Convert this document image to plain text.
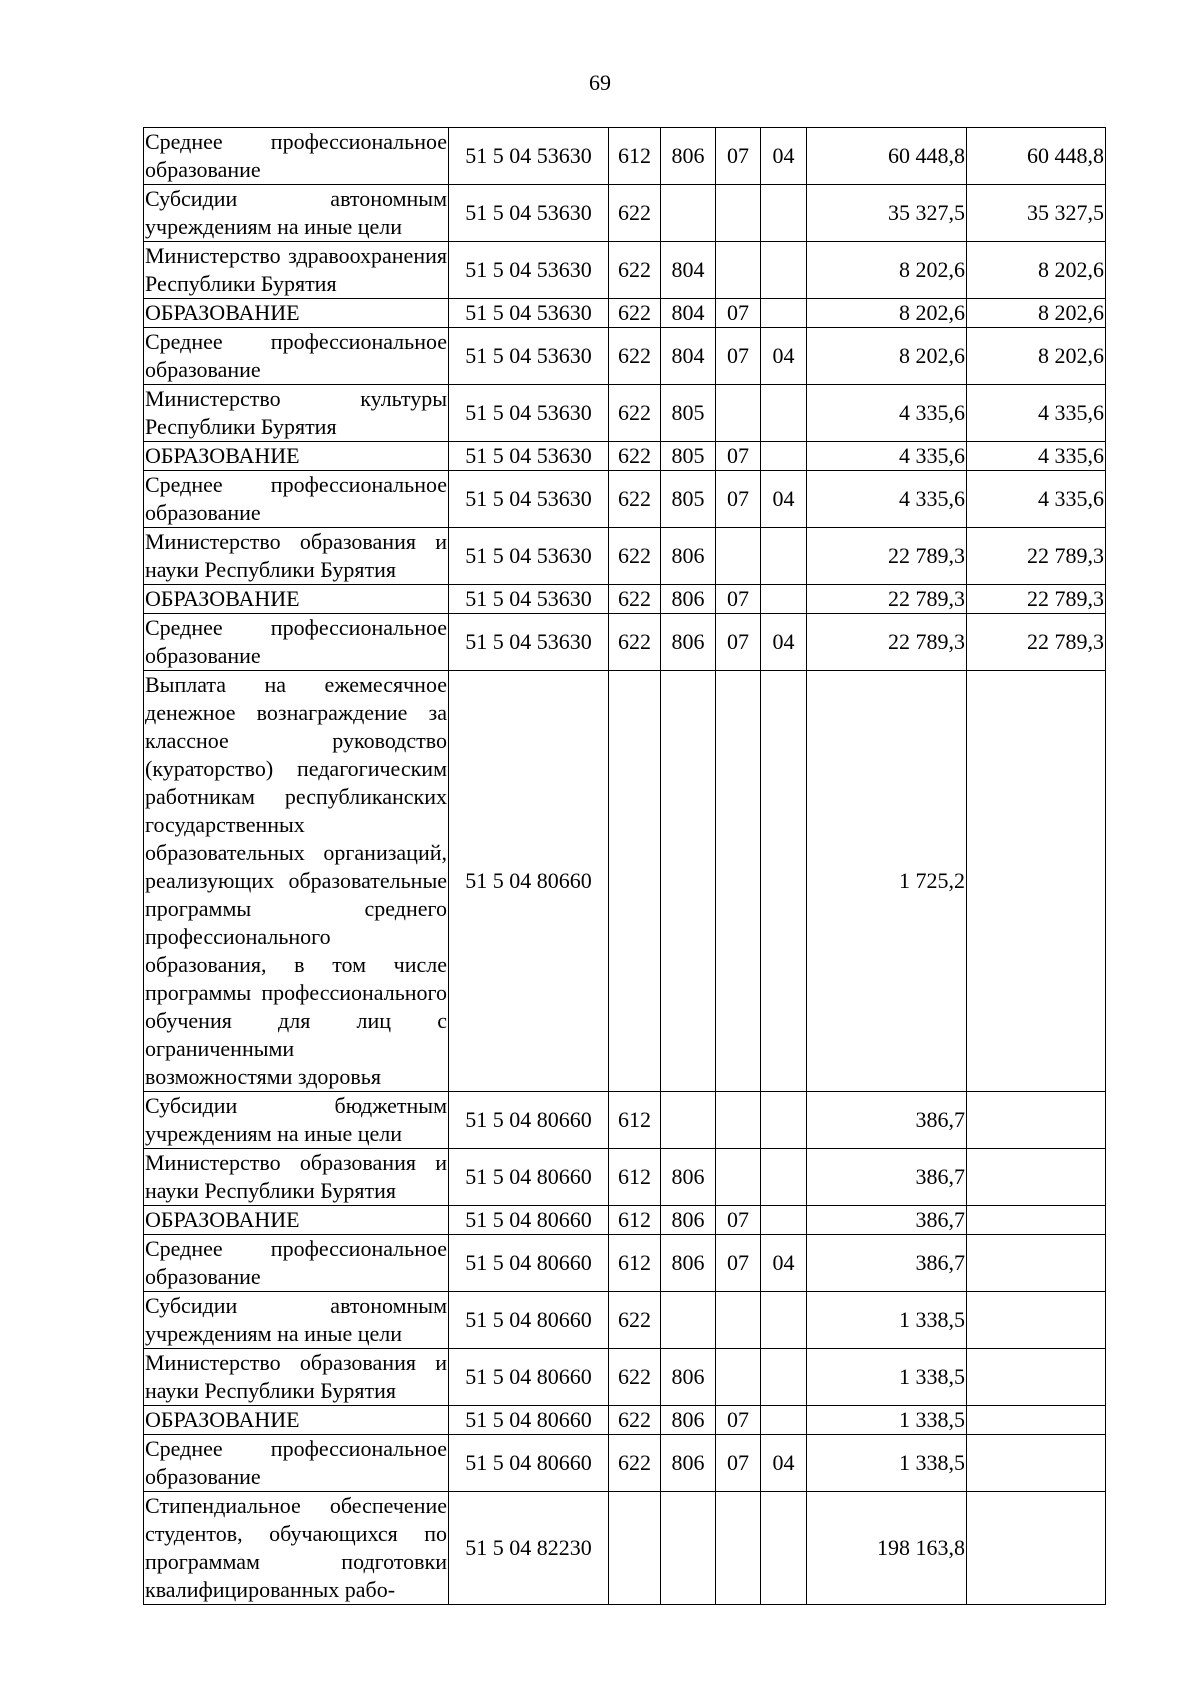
69
Среднее профессиональное образование	51 5 04 53630	612	806	07	04	60 448,8	60 448,8
Субсидии автономным учреждениям на иные цели	51 5 04 53630	622				35 327,5	35 327,5
Министерство здравоохранения Республики Бурятия	51 5 04 53630	622	804			8 202,6	8 202,6
ОБРАЗОВАНИЕ	51 5 04 53630	622	804	07		8 202,6	8 202,6
Среднее профессиональное образование	51 5 04 53630	622	804	07	04	8 202,6	8 202,6
Министерство культуры Республики Бурятия	51 5 04 53630	622	805			4 335,6	4 335,6
ОБРАЗОВАНИЕ	51 5 04 53630	622	805	07		4 335,6	4 335,6
Среднее профессиональное образование	51 5 04 53630	622	805	07	04	4 335,6	4 335,6
Министерство образования и науки Республики Бурятия	51 5 04 53630	622	806			22 789,3	22 789,3
ОБРАЗОВАНИЕ	51 5 04 53630	622	806	07		22 789,3	22 789,3
Среднее профессиональное образование	51 5 04 53630	622	806	07	04	22 789,3	22 789,3
Выплата на ежемесячное денежное вознаграждение за классное руководство (кураторство) педагогическим работникам республиканских государственных образовательных организаций, реализующих образовательные программы среднего профессионального образования, в том числе программы профессионального обучения для лиц с ограниченными возможностями здоровья	51 5 04 80660					1 725,2	
Субсидии бюджетным учреждениям на иные цели	51 5 04 80660	612				386,7	
Министерство образования и науки Республики Бурятия	51 5 04 80660	612	806			386,7	
ОБРАЗОВАНИЕ	51 5 04 80660	612	806	07		386,7	
Среднее профессиональное образование	51 5 04 80660	612	806	07	04	386,7	
Субсидии автономным учреждениям на иные цели	51 5 04 80660	622				1 338,5	
Министерство образования и науки Республики Бурятия	51 5 04 80660	622	806			1 338,5	
ОБРАЗОВАНИЕ	51 5 04 80660	622	806	07		1 338,5	
Среднее профессиональное образование	51 5 04 80660	622	806	07	04	1 338,5	
Стипендиальное обеспечение студентов, обучающихся по программам подготовки квалифицированных рабо-	51 5 04 82230					198 163,8	
